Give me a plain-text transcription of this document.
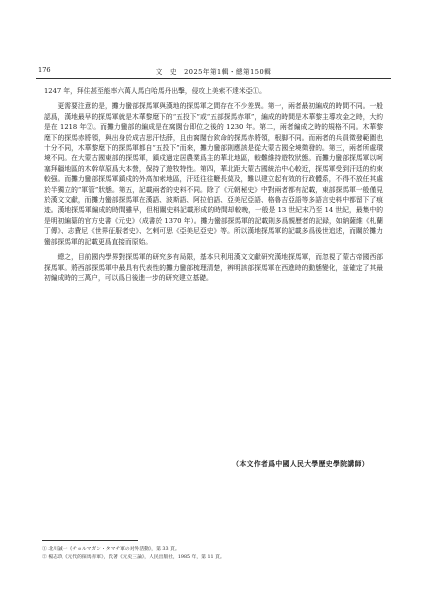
176	文　史　2025年第1輯・總第150輯

1247 年，拜住甚至能率六萬人馬白哈馬丹出擊，侵攻上美索不達米亞①。

更需要注意的是，攤力蠻部探馬軍與漢地的探馬軍之間存在不少差異。第一，兩者最初編成的時間不同。一般認爲，漢地最早的探馬軍就是木華黎麾下的“五投下”或“五部探馬赤軍”，編成的時間是木華黎主導攻金之時，大約是在 1218 年②。而攤力蠻部的編成是在窩闊台即位之後的 1230 年。第二，兩者編成之時的規格不同。木華黎麾下的探馬赤將領，與出身於成吉思汗怯薛，且由窩闊台欽命的探馬赤將領，根脚不同。而兩者的兵員徵發範圍也十分不同，木華黎麾下的探馬軍都自“五投下”而來，攤力蠻部則應該是從大蒙古國全境徵發的。第三，兩者所處環境不同。在大蒙古國東部的探馬軍，鎮戍過定居農業爲主的華北地區，較難維持遊牧狀態。而攤力蠻部探馬軍以呵塞拜疆地區的木幹草原爲大本營，保持了遊牧特性。第四，華北距大蒙古國統治中心較近，探馬軍受到汗廷的約束較强。而攤力蠻部探馬軍鎮戍的外高加索地區，汗廷往往鞭長莫及，難以建立起有效的行政體系，不得不放任其處於半獨立的“軍管”狀態。第五，記載兩者的史料不同。除了《元朝秘史》中對兩者都有記載，東部探馬軍一般僅見於漢文文獻，而攤力蠻部探馬軍在漢語、波斯語、阿拉伯語、亞美尼亞語、格魯吉亞語等多語言史料中都留下了痕迹。漢地探馬軍編成的時間雖早，但相關史料記載形成的時間却較晚，一般是 13 世紀末乃至 14 世紀，最集中的是明初編纂的官方史書《元史》（成書於 1370 年）。攤力蠻部探馬軍的記載則多爲親歷者的記録，如納薩維《札蘭丁傳》、志費尼《世界征服者史》、乞剌可思《亞美尼亞史》等。所以漢地探馬軍的記載多爲後世追述，而關於攤力蠻部探馬軍的記載更爲直接而原始。

總之，目前國内學界對探馬軍的研究多有局限，基本只利用漢文文獻研究漢地探馬軍，而忽視了蒙古帝國西部探馬軍。將西部探馬軍中最具有代表性的攤力蠻部梳理清楚，辨明該部探馬軍在西進時的動態變化，並確定了其最初編成時的三萬户，可以爲日後進一步的研究建立基礎。

（本文作者爲中國人民大學歷史學院講師）

① 北川誠一《チョルマガン・タマチ軍の対外活動》，第 33 頁。

② 楊志玖《元代的探馬赤軍》，氏著《元史三論》，人民出版社，1985 年，第 11 頁。
